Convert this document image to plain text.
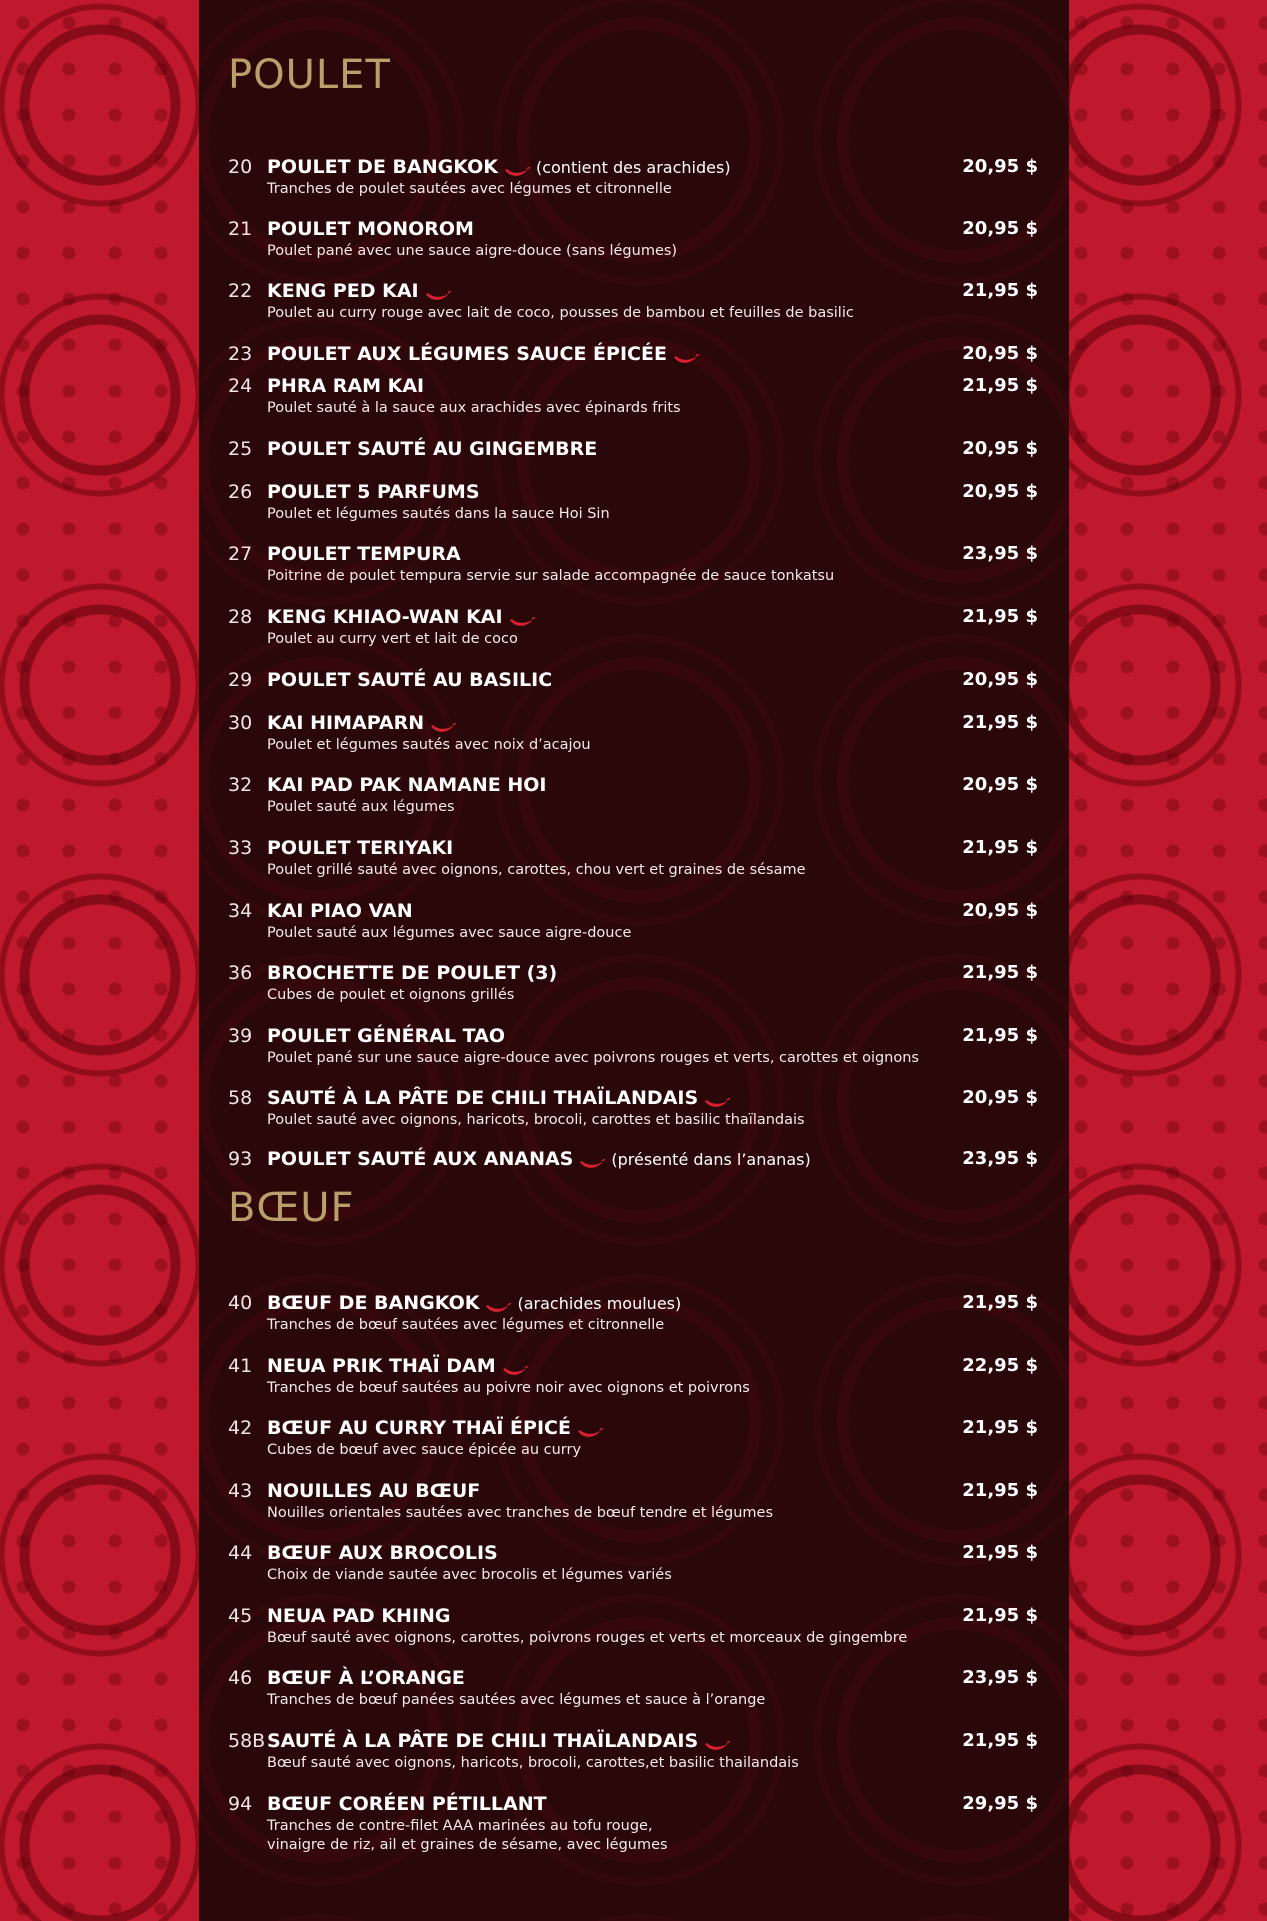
POULET
20 POULET DE BANGKOK (contient des arachides)	20,95 $
Tranches de poulet sautées avec légumes et citronnelle
21 POULET MONOROM	20,95 $
Poulet pané avec une sauce aigre-douce (sans légumes)
22 KENG PED KAI	21,95 $
Poulet au curry rouge avec lait de coco, pousses de bambou et feuilles de basilic
23 POULET AUX LÉGUMES SAUCE ÉPICÉE	20,95 $
24 PHRA RAM KAI	21,95 $
Poulet sauté à la sauce aux arachides avec épinards frits
25 POULET SAUTÉ AU GINGEMBRE	20,95 $
26 POULET 5 PARFUMS	20,95 $
Poulet et légumes sautés dans la sauce Hoi Sin
27 POULET TEMPURA	23,95 $
Poitrine de poulet tempura servie sur salade accompagnée de sauce tonkatsu
28 KENG KHIAO-WAN KAI	21,95 $
Poulet au curry vert et lait de coco
29 POULET SAUTÉ AU BASILIC	20,95 $
30 KAI HIMAPARN	21,95 $
Poulet et légumes sautés avec noix d’acajou
32 KAI PAD PAK NAMANE HOI	20,95 $
Poulet sauté aux légumes
33 POULET TERIYAKI	21,95 $
Poulet grillé sauté avec oignons, carottes, chou vert et graines de sésame
34 KAI PIAO VAN	20,95 $
Poulet sauté aux légumes avec sauce aigre-douce
36 BROCHETTE DE POULET (3)	21,95 $
Cubes de poulet et oignons grillés
39 POULET GÉNÉRAL TAO	21,95 $
Poulet pané sur une sauce aigre-douce avec poivrons rouges et verts, carottes et oignons
58 SAUTÉ À LA PÂTE DE CHILI THAÏLANDAIS	20,95 $
Poulet sauté avec oignons, haricots, brocoli, carottes et basilic thaïlandais
93 POULET SAUTÉ AUX ANANAS (présenté dans l’ananas)	23,95 $
BŒUF
40 BŒUF DE BANGKOK (arachides moulues)	21,95 $
Tranches de bœuf sautées avec légumes et citronnelle
41 NEUA PRIK THAÏ DAM	22,95 $
Tranches de bœuf sautées au poivre noir avec oignons et poivrons
42 BŒUF AU CURRY THAÏ ÉPICÉ	21,95 $
Cubes de bœuf avec sauce épicée au curry
43 NOUILLES AU BŒUF	21,95 $
Nouilles orientales sautées avec tranches de bœuf tendre et légumes
44 BŒUF AUX BROCOLIS	21,95 $
Choix de viande sautée avec brocolis et légumes variés
45 NEUA PAD KHING	21,95 $
Bœuf sauté avec oignons, carottes, poivrons rouges et verts et morceaux de gingembre
46 BŒUF À L’ORANGE	23,95 $
Tranches de bœuf panées sautées avec légumes et sauce à l’orange
58B SAUTÉ À LA PÂTE DE CHILI THAÏLANDAIS	21,95 $
Bœuf sauté avec oignons, haricots, brocoli, carottes,et basilic thailandais
94 BŒUF CORÉEN PÉTILLANT	29,95 $
Tranches de contre-filet AAA marinées au tofu rouge,
vinaigre de riz, ail et graines de sésame, avec légumes
